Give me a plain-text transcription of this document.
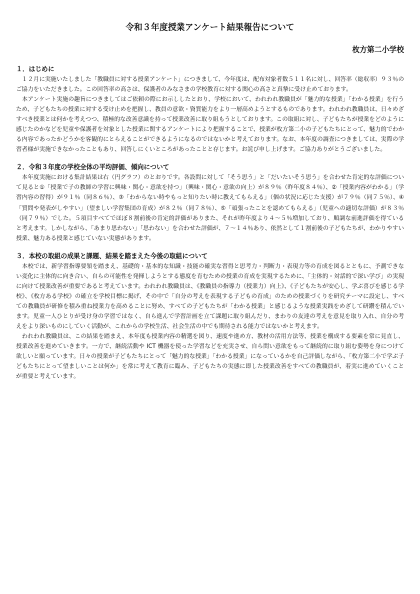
令和３年度授業アンケート結果報告について
枚方第二小学校
１．はじめに

　１２月に実施いたしました「教職員に対する授業アンケート」につきまして、今年度は、配布対象者数５１１名に対し、回答率（総収率）９３％のご協力をいただきました。この回答率の高さは、保護者のみなさまの学校教育に対する関心の高さと真摯に受け止めております。

　本アンケート実施の趣旨につきましてはご依頼の際にお示ししたとおり、学校において、われわれ教職員が「魅力的な授業」「わかる授業」を行うため、子どもたちの授業に対する受け止めを把握し、教員の意欲・資質能力をより一層高めようとするものであります。われわれ教職員は、日々めざすべき授業とは何かを考えつつ、積極的な改善意識を持って授業改善に取り組もうとしております。この取組に対し、子どもたちが授業をどのように感じたのかなどを児童や保護者を対象とした授業に関するアンケートにより把握することで、授業が枚方第二小の子どもたちにとって、魅力的でわかる内容であったかどうかを客観的にとらえることができるようになるのではないかと考えております。なお、本年度の調査につきましては、実際の学習者様が実施できなかったこともあり、回答しにくいところがあったことと存じます。お詫び申し上げます。ご協力ありがとうございました。

２．令和３年度の学校全体の平均評価、傾向について

　本年度実施における集計結果は右（円グラフ）のとおりです。各設問に対して「そう思う」と「だいたいそう思う」を合わせた肯定的な評価について見ると①「授業で子の教師の学習に興味・関心・意欲を持つ」（興味・関心・意欲の向上）が８９％（昨年度８４％）、②「授業内容がわかる」（学習内容の習得）が９１％（同８６％）、③「わからない時やもっと知りたい時に教えてもらえる」（個の状況に応じた支援）が７９％（同７５％）、④「質問や発表がしやすい」（望ましい学習集団の育成）が８２％（同７８％）、⑤「頑張ったことを認めてもらえる」（児童への適切な評価）が８３％（同７９％）でした。５項目すべてでほぼ８割前後の肯定的評価がありまた、それが昨年度より４～５％増加しており、順調な前進評価を得ていると考えます。しかしながら、「あまり思わない」「思わない」を合わせた評価が、７～１４％あり、依然として１割前後の子どもたちが、わかりやすい授業、魅力ある授業と感じていない実態があります。

３．本校の取組の成果と課題、結果を踏まえた今後の取組について

　本校では、新学習指導要領を踏まえ、基礎的・基本的な知識・技能の確実な習得と思考力・判断力・表現力等の育成を図るとともに、予測できない変化に主体的に向き合い、自らの可能性を発揮しようとする態度を育むための授業の育成を実現するために、「主体的・対話的で深い学び」の実現に向けて授業改善が重要であると考えています。われわれ教職員は、《教職員の指導力（授業力）向上》、《子どもたちが安心し、学ぶ喜びを感じる学校》、《枚方ある学校》の確立を学校目標に掲げ、その中で「自分の考えを表現する子どもの育成」のための授業づくりを研究テーマに設定し、すべての教職員が研修を積み重ね授業力を高めることに努め、すべての子どもたちが「わかる授業」と感じるような授業実践をめざして研鑽を積んでいます。児童一人ひとりが受け身の学習ではなく、自ら進んで学習計画を立て課題に取り組んだり、まわりの友達の考えを意見を取り入れ、自分の考えをより深いものにしていく活動が、これからの学校生活、社会生活の中でも期待される能力ではないかと考えます。

　われわれ教職員は、この結果を踏まえ、本年度も授業内容の精選を図り、速度や進め方、教材の活用方法等、授業を構成する要素を常に見直し、授業改善を進めていきます。一方で、継続活動や ICT 機器を使った学習などを充実させ、自ら問い意欲をもって継続的に取り組む姿勢を身につけて欲しいと願っています。日々の授業が子どもたちにとって「魅力的な授業」「わかる授業」になっているかを自己評価しながら、「枚方第二小で学ぶ子どもたちにとって望ましいことは何か」を常に考えて教育に臨み、子どもたちの実態に即した授業改善をすべての教職員が、着実に進めていくことが重要と考えています。
